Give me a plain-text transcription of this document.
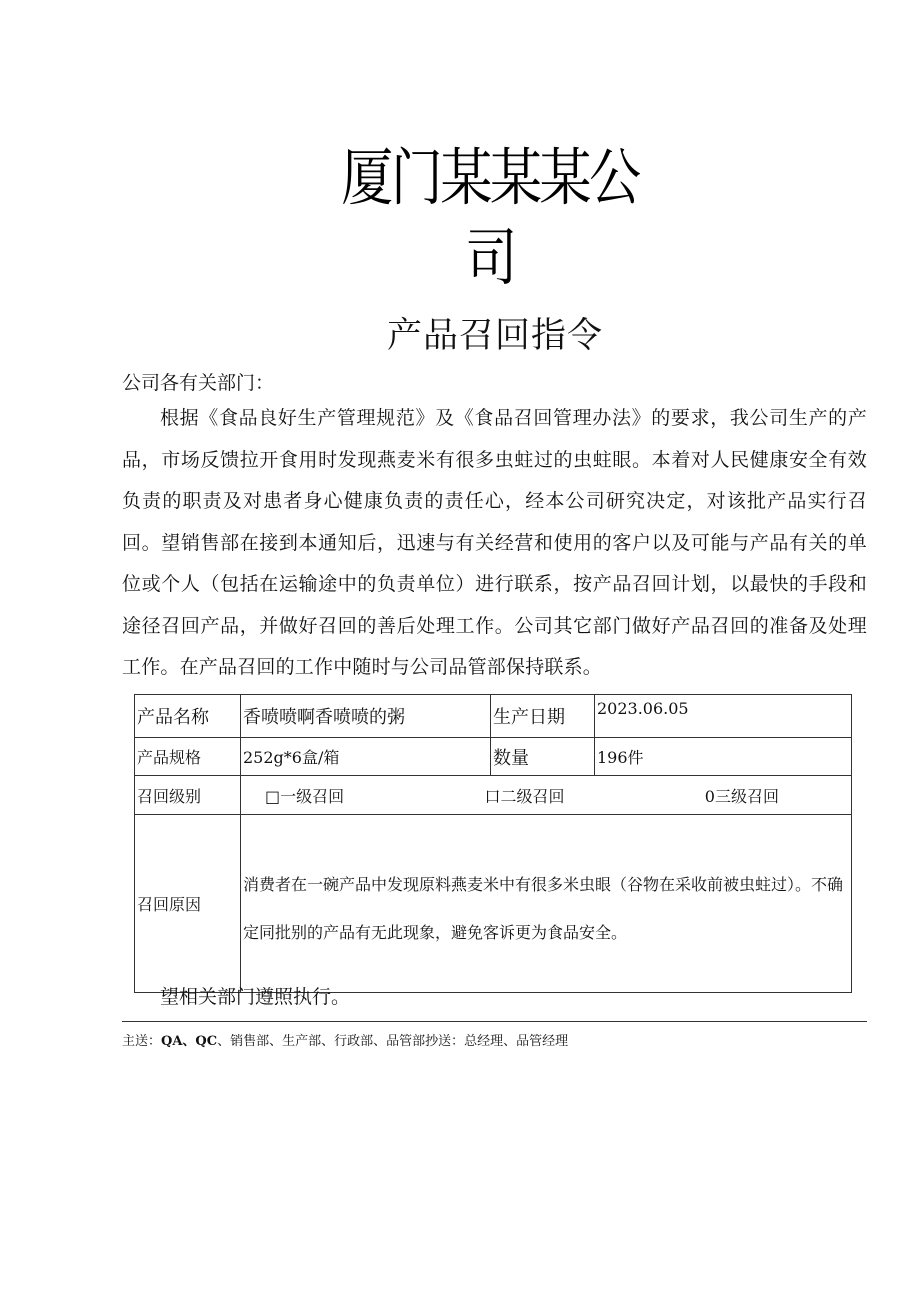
厦门某某某公司
产品召回指令
公司各有关部门：
根据《食品良好生产管理规范》及《食品召回管理办法》的要求，我公司生产的产品，市场反馈拉开食用时发现燕麦米有很多虫蛀过的虫蛀眼。本着对人民健康安全有效负责的职责及对患者身心健康负责的责任心，经本公司研究决定，对该批产品实行召回。望销售部在接到本通知后，迅速与有关经营和使用的客户以及可能与产品有关的单位或个人（包括在运输途中的负责单位）进行联系，按产品召回计划，以最快的手段和途径召回产品，并做好召回的善后处理工作。公司其它部门做好产品召回的准备及处理工作。在产品召回的工作中随时与公司品管部保持联系。
产品名称	香喷喷啊香喷喷的粥	生产日期	2023.06.05
产品规格	252g*6盒/箱	数量	196件
召回级别	□一级召回 口二级召回 0三级召回		

召回原因	消费者在一碗产品中发现原料燕麦米中有很多米虫眼（谷物在采收前被虫蛀过）。不确定同批别的产品有无此现象，避免客诉更为食品安全。		
望相关部门遵照执行。
主送：QA、QC、销售部、生产部、行政部、品管部抄送：总经理、品管经理
